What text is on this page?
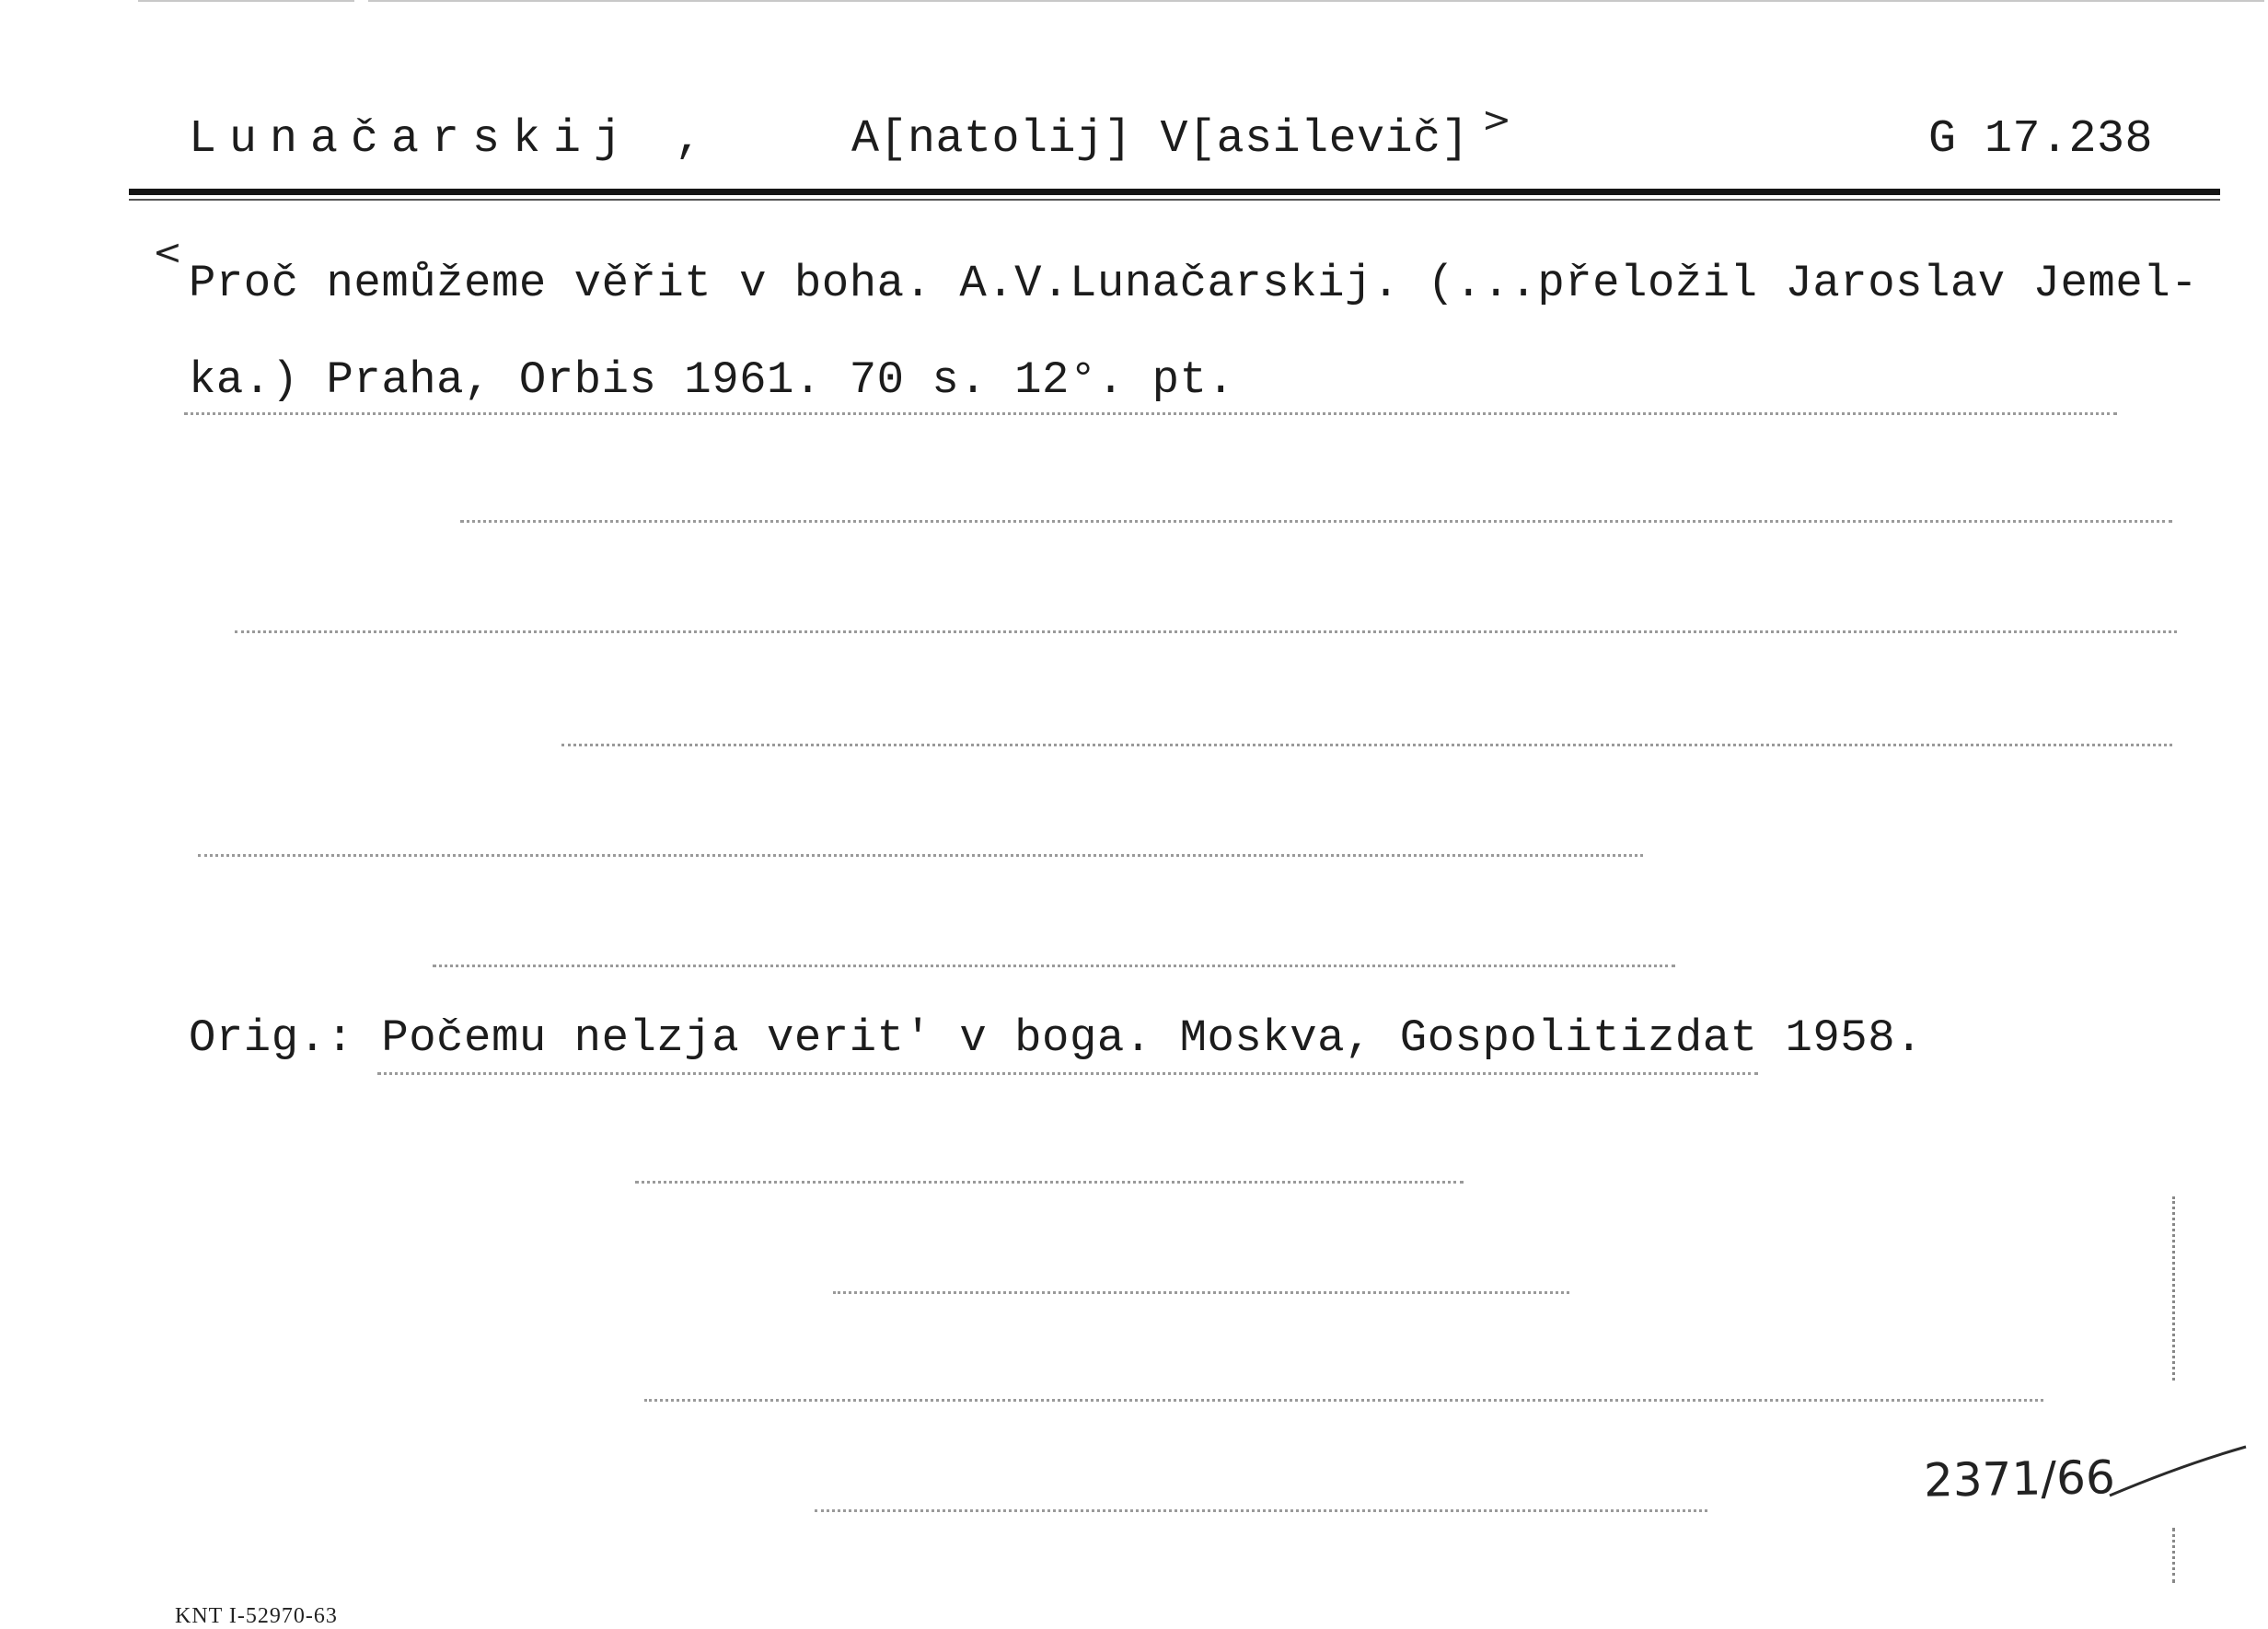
Lunačarskij ,	A[natolij] V[asilevič] >	G 17.238
<
Proč nemůžeme věřit v boha. A.V.Lunačarskij. (...přeložil Jaroslav Jemel-
ka.) Praha, Orbis 1961. 70 s. 12°. pt.
Orig.: Počemu nelzja verit' v boga. Moskva, Gospolitizdat 1958.
2371/66
KNT I-52970-63
